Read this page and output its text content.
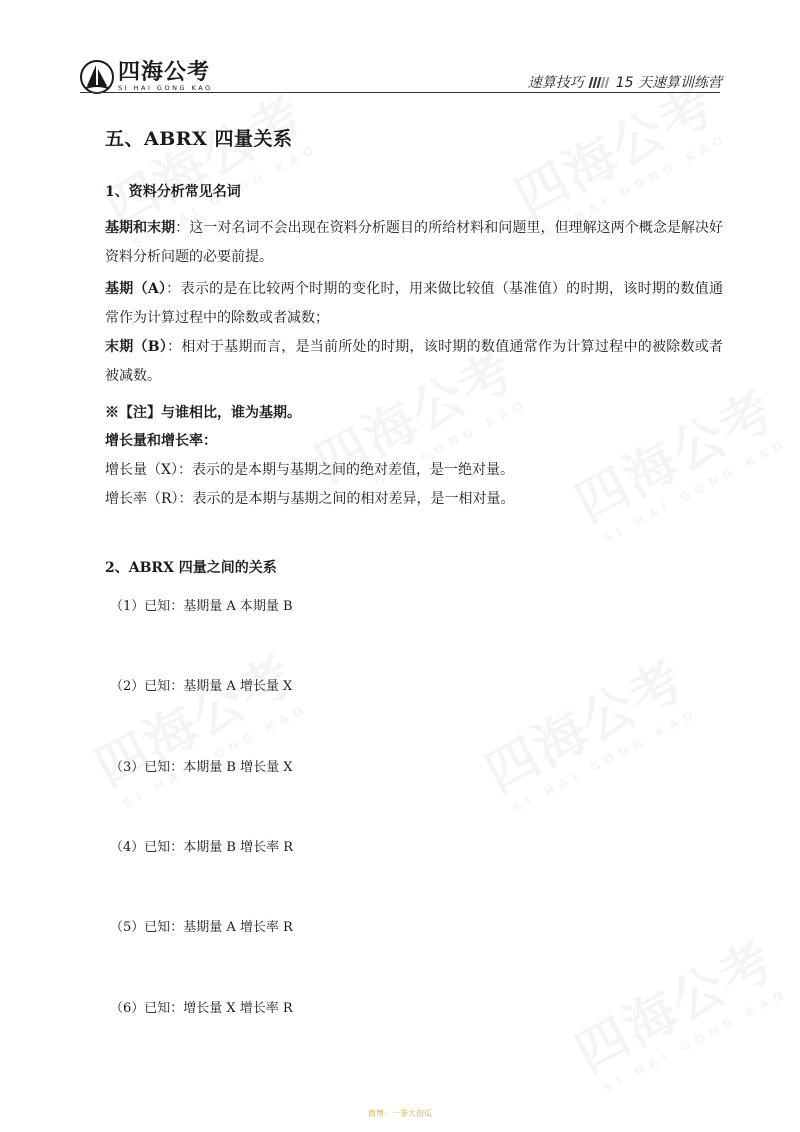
四海公考
SI HAI GONG KAO	速算技巧 15 天速算训练营
五、ABRX 四量关系
1、资料分析常见名词

基期和末期：这一对名词不会出现在资料分析题目的所给材料和问题里，但理解这两个概念是解决好资料分析问题的必要前提。

基期（A）：表示的是在比较两个时期的变化时，用来做比较值（基准值）的时期，该时期的数值通常作为计算过程中的除数或者减数；

末期（B）：相对于基期而言，是当前所处的时期，该时期的数值通常作为计算过程中的被除数或者被减数。

※【注】与谁相比，谁为基期。

增长量和增长率：

增长量（X）：表示的是本期与基期之间的绝对差值，是一绝对量。

增长率（R）：表示的是本期与基期之间的相对差异，是一相对量。

2、ABRX 四量之间的关系

（1）已知：基期量 A 本期量 B

（2）已知：基期量 A 增长量 X

（3）已知：本期量 B 增长量 X

（4）已知：本期量 B 增长率 R

（5）已知：基期量 A 增长率 R

（6）已知：增长量 X 增长率 R

微博：一拳大佃瓜
